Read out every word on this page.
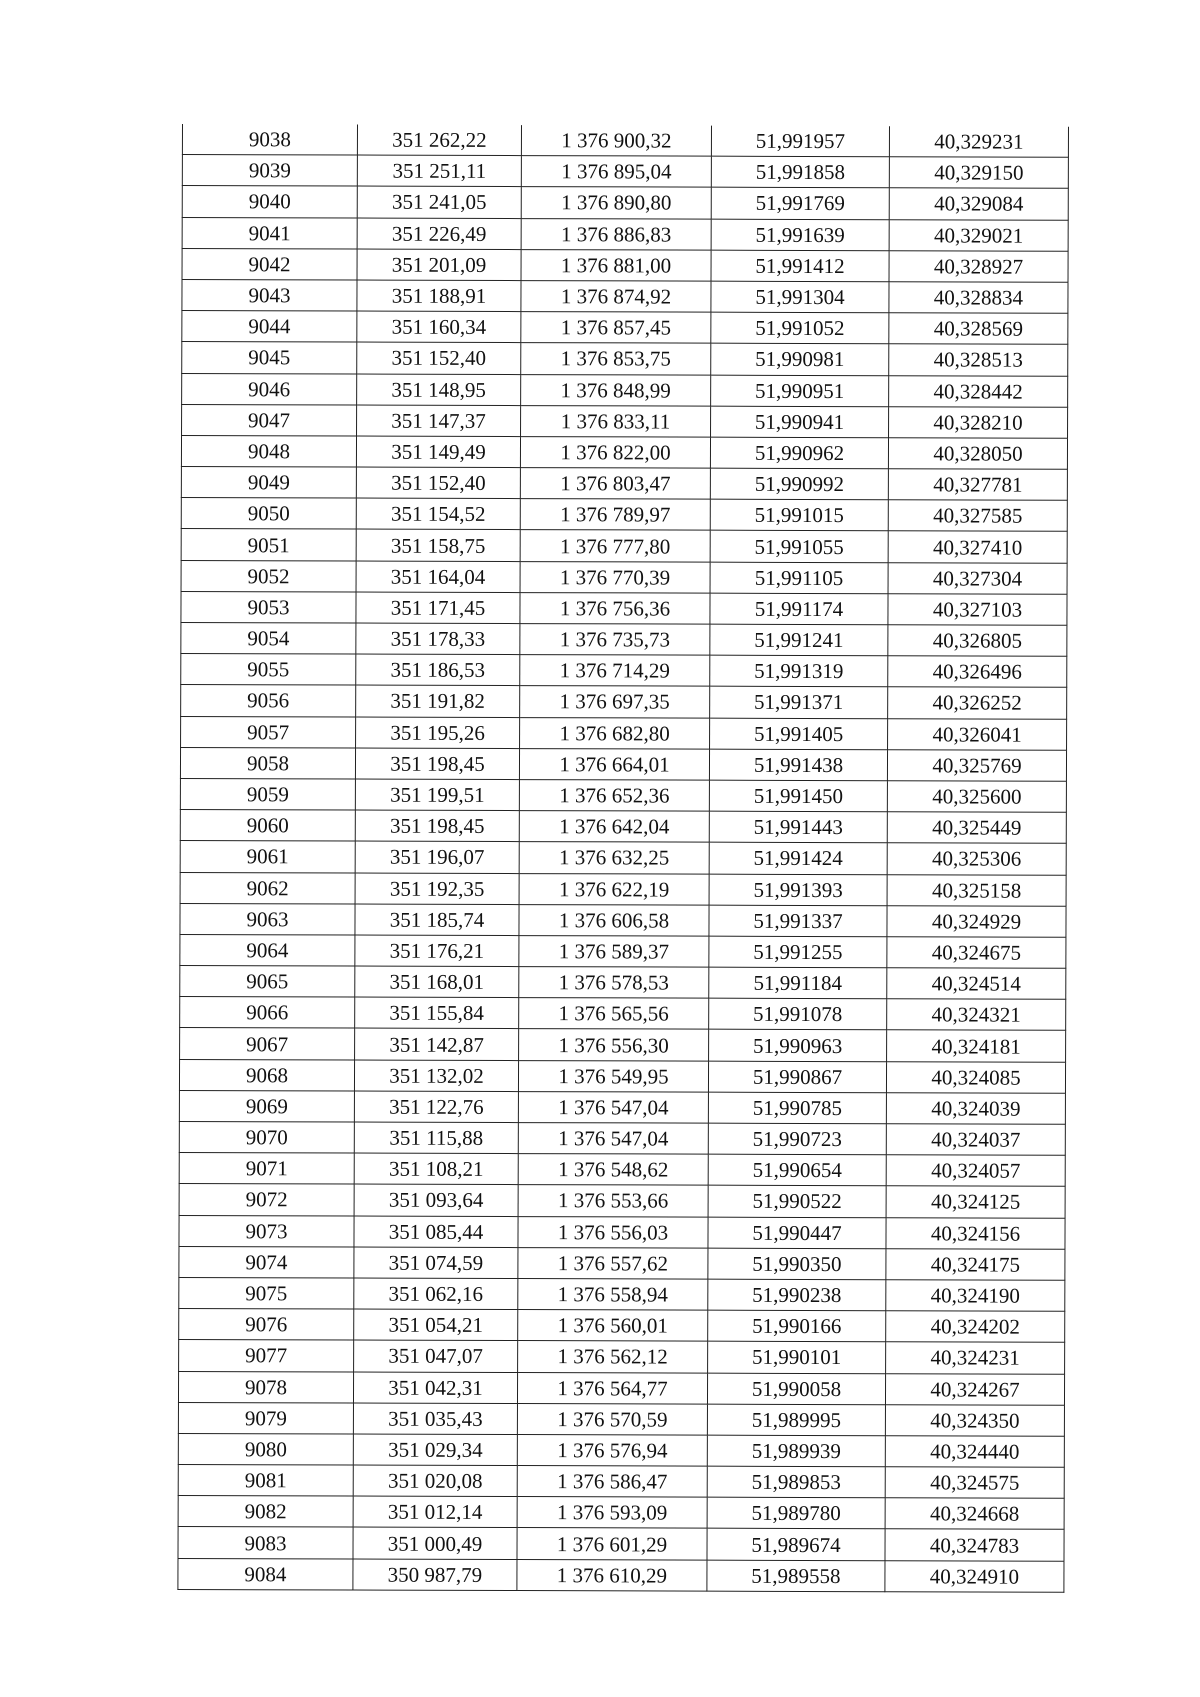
9038	351 262,22	1 376 900,32	51,991957	40,329231
9039	351 251,11	1 376 895,04	51,991858	40,329150
9040	351 241,05	1 376 890,80	51,991769	40,329084
9041	351 226,49	1 376 886,83	51,991639	40,329021
9042	351 201,09	1 376 881,00	51,991412	40,328927
9043	351 188,91	1 376 874,92	51,991304	40,328834
9044	351 160,34	1 376 857,45	51,991052	40,328569
9045	351 152,40	1 376 853,75	51,990981	40,328513
9046	351 148,95	1 376 848,99	51,990951	40,328442
9047	351 147,37	1 376 833,11	51,990941	40,328210
9048	351 149,49	1 376 822,00	51,990962	40,328050
9049	351 152,40	1 376 803,47	51,990992	40,327781
9050	351 154,52	1 376 789,97	51,991015	40,327585
9051	351 158,75	1 376 777,80	51,991055	40,327410
9052	351 164,04	1 376 770,39	51,991105	40,327304
9053	351 171,45	1 376 756,36	51,991174	40,327103
9054	351 178,33	1 376 735,73	51,991241	40,326805
9055	351 186,53	1 376 714,29	51,991319	40,326496
9056	351 191,82	1 376 697,35	51,991371	40,326252
9057	351 195,26	1 376 682,80	51,991405	40,326041
9058	351 198,45	1 376 664,01	51,991438	40,325769
9059	351 199,51	1 376 652,36	51,991450	40,325600
9060	351 198,45	1 376 642,04	51,991443	40,325449
9061	351 196,07	1 376 632,25	51,991424	40,325306
9062	351 192,35	1 376 622,19	51,991393	40,325158
9063	351 185,74	1 376 606,58	51,991337	40,324929
9064	351 176,21	1 376 589,37	51,991255	40,324675
9065	351 168,01	1 376 578,53	51,991184	40,324514
9066	351 155,84	1 376 565,56	51,991078	40,324321
9067	351 142,87	1 376 556,30	51,990963	40,324181
9068	351 132,02	1 376 549,95	51,990867	40,324085
9069	351 122,76	1 376 547,04	51,990785	40,324039
9070	351 115,88	1 376 547,04	51,990723	40,324037
9071	351 108,21	1 376 548,62	51,990654	40,324057
9072	351 093,64	1 376 553,66	51,990522	40,324125
9073	351 085,44	1 376 556,03	51,990447	40,324156
9074	351 074,59	1 376 557,62	51,990350	40,324175
9075	351 062,16	1 376 558,94	51,990238	40,324190
9076	351 054,21	1 376 560,01	51,990166	40,324202
9077	351 047,07	1 376 562,12	51,990101	40,324231
9078	351 042,31	1 376 564,77	51,990058	40,324267
9079	351 035,43	1 376 570,59	51,989995	40,324350
9080	351 029,34	1 376 576,94	51,989939	40,324440
9081	351 020,08	1 376 586,47	51,989853	40,324575
9082	351 012,14	1 376 593,09	51,989780	40,324668
9083	351 000,49	1 376 601,29	51,989674	40,324783
9084	350 987,79	1 376 610,29	51,989558	40,324910
